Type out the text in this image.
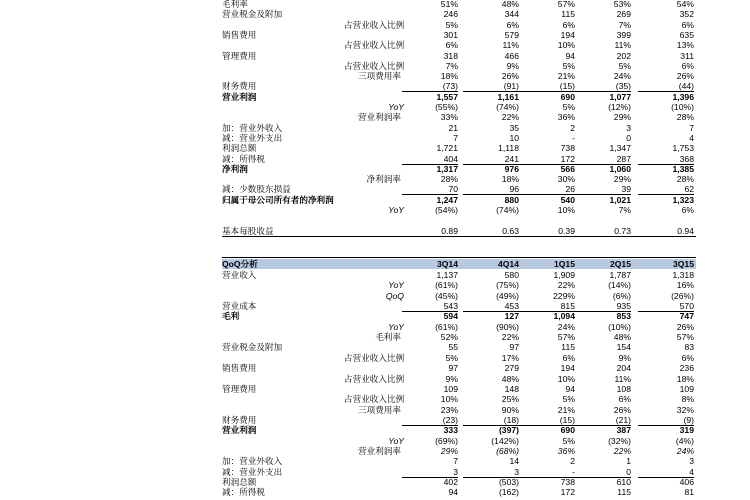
毛利率	51%	48%	57%	53%	54%
营业税金及附加	246	344	115	269	352
占营业收入比例	5%	6%	6%	7%	6%
销售费用	301	579	194	399	635
占营业收入比例	6%	11%	10%	11%	13%
管理费用	318	466	94	202	311
占营业收入比例	7%	9%	5%	5%	6%
三项费用率	18%	26%	21%	24%	26%
财务费用	(73)	(91)	(15)	(35)	(44)
营业利润	1,557	1,161	690	1,077	1,396
YoY	(55%)	(74%)	5%	(12%)	(10%)
营业利润率	33%	22%	36%	29%	28%
加：营业外收入	21	35	2	3	7
减：营业外支出	7	10	-	0	4
利润总额	1,721	1,118	738	1,347	1,753
减：所得税	404	241	172	287	368
净利润	1,317	976	566	1,060	1,385
净利润率	28%	18%	30%	29%	28%
减：少数股东损益	70	96	26	39	62
归属于母公司所有者的净利润	1,247	880	540	1,021	1,323
YoY	(54%)	(74%)	10%	7%	6%
基本每股收益	0.89	0.63	0.39	0.73	0.94
QoQ分析	3Q14	4Q14	1Q15	2Q15	3Q15
营业收入	1,137	580	1,909	1,787	1,318
YoY	(61%)	(75%)	22%	(14%)	16%
QoQ	(45%)	(49%)	229%	(6%)	(26%)
营业成本	543	453	815	935	570
毛利	594	127	1,094	853	747
YoY	(61%)	(90%)	24%	(10%)	26%
毛利率	52%	22%	57%	48%	57%
营业税金及附加	55	97	115	154	83
占营业收入比例	5%	17%	6%	9%	6%
销售费用	97	279	194	204	236
占营业收入比例	9%	48%	10%	11%	18%
管理费用	109	148	94	108	109
占营业收入比例	10%	25%	5%	6%	8%
三项费用率	23%	90%	21%	26%	32%
财务费用	(23)	(18)	(15)	(21)	(9)
营业利润	333	(397)	690	387	319
YoY	(69%)	(142%)	5%	(32%)	(4%)
营业利润率	29%	(68%)	36%	22%	24%
加：营业外收入	7	14	2	1	3
减：营业外支出	3	3	-	0	4
利润总额	402	(503)	738	610	406
减：所得税	94	(162)	172	115	81
